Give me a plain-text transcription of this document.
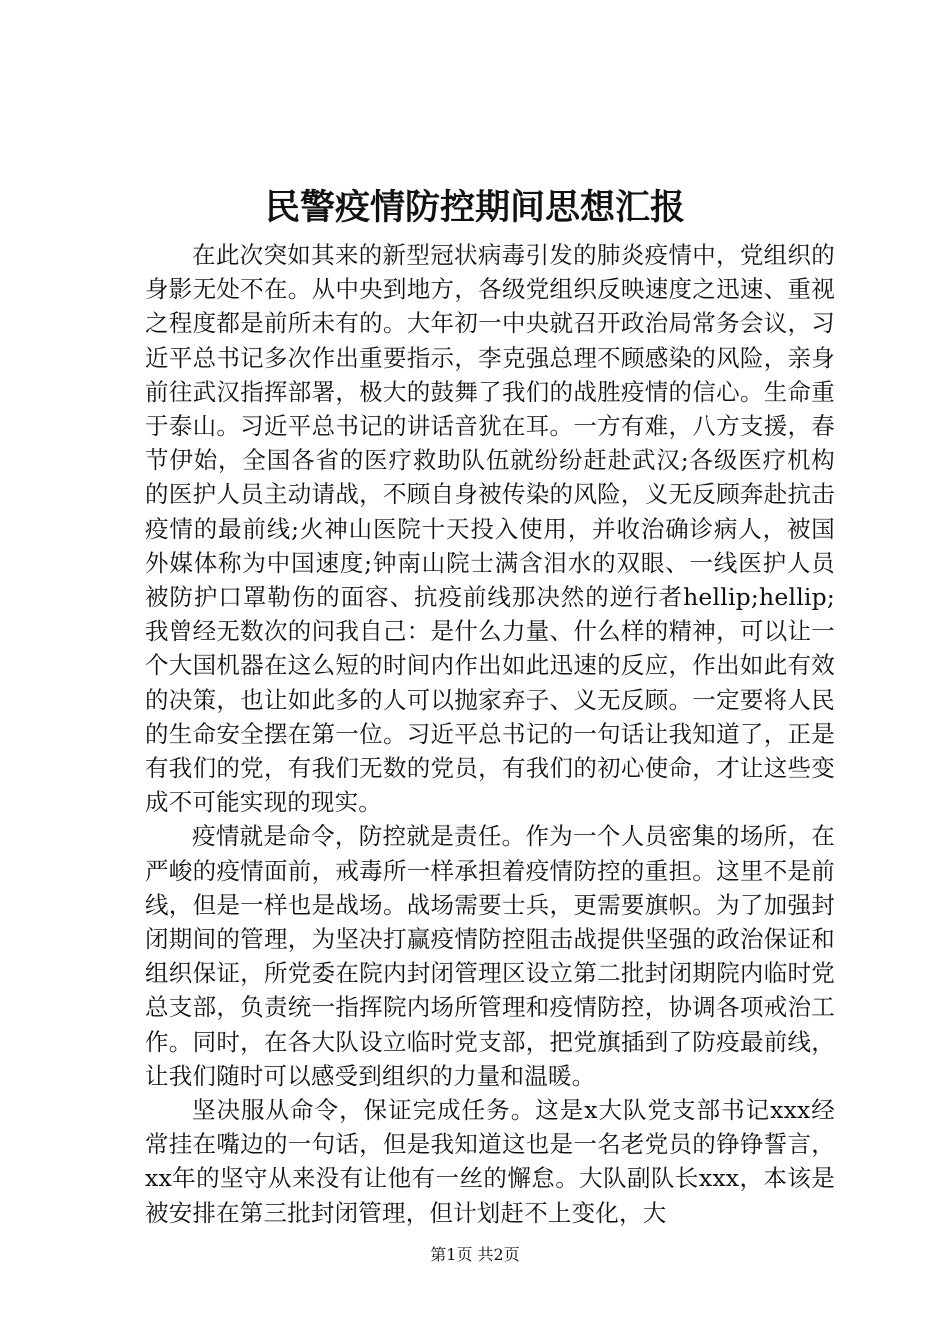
民警疫情防控期间思想汇报

在此次突如其来的新型冠状病毒引发的肺炎疫情中，党组织的身影无处不在。从中央到地方，各级党组织反映速度之迅速、重视之程度都是前所未有的。大年初一中央就召开政治局常务会议，习近平总书记多次作出重要指示，李克强总理不顾感染的风险，亲身前往武汉指挥部署，极大的鼓舞了我们的战胜疫情的信心。生命重于泰山。习近平总书记的讲话音犹在耳。一方有难，八方支援，春节伊始，全国各省的医疗救助队伍就纷纷赶赴武汉;各级医疗机构的医护人员主动请战，不顾自身被传染的风险，义无反顾奔赴抗击疫情的最前线;火神山医院十天投入使用，并收治确诊病人，被国外媒体称为中国速度;钟南山院士满含泪水的双眼、一线医护人员被防护口罩勒伤的面容、抗疫前线那决然的逆行者hellip;hellip;我曾经无数次的问我自己：是什么力量、什么样的精神，可以让一个大国机器在这么短的时间内作出如此迅速的反应，作出如此有效的决策，也让如此多的人可以抛家弃子、义无反顾。一定要将人民的生命安全摆在第一位。习近平总书记的一句话让我知道了，正是有我们的党，有我们无数的党员，有我们的初心使命，才让这些变成不可能实现的现实。

疫情就是命令，防控就是责任。作为一个人员密集的场所，在严峻的疫情面前，戒毒所一样承担着疫情防控的重担。这里不是前线，但是一样也是战场。战场需要士兵，更需要旗帜。为了加强封闭期间的管理，为坚决打赢疫情防控阻击战提供坚强的政治保证和组织保证，所党委在院内封闭管理区设立第二批封闭期院内临时党总支部，负责统一指挥院内场所管理和疫情防控，协调各项戒治工作。同时，在各大队设立临时党支部，把党旗插到了防疫最前线，让我们随时可以感受到组织的力量和温暖。

坚决服从命令，保证完成任务。这是x大队党支部书记xxx经常挂在嘴边的一句话，但是我知道这也是一名老党员的铮铮誓言，xx年的坚守从来没有让他有一丝的懈怠。大队副队长xxx，本该是被安排在第三批封闭管理，但计划赶不上变化，大

第1页 共2页
